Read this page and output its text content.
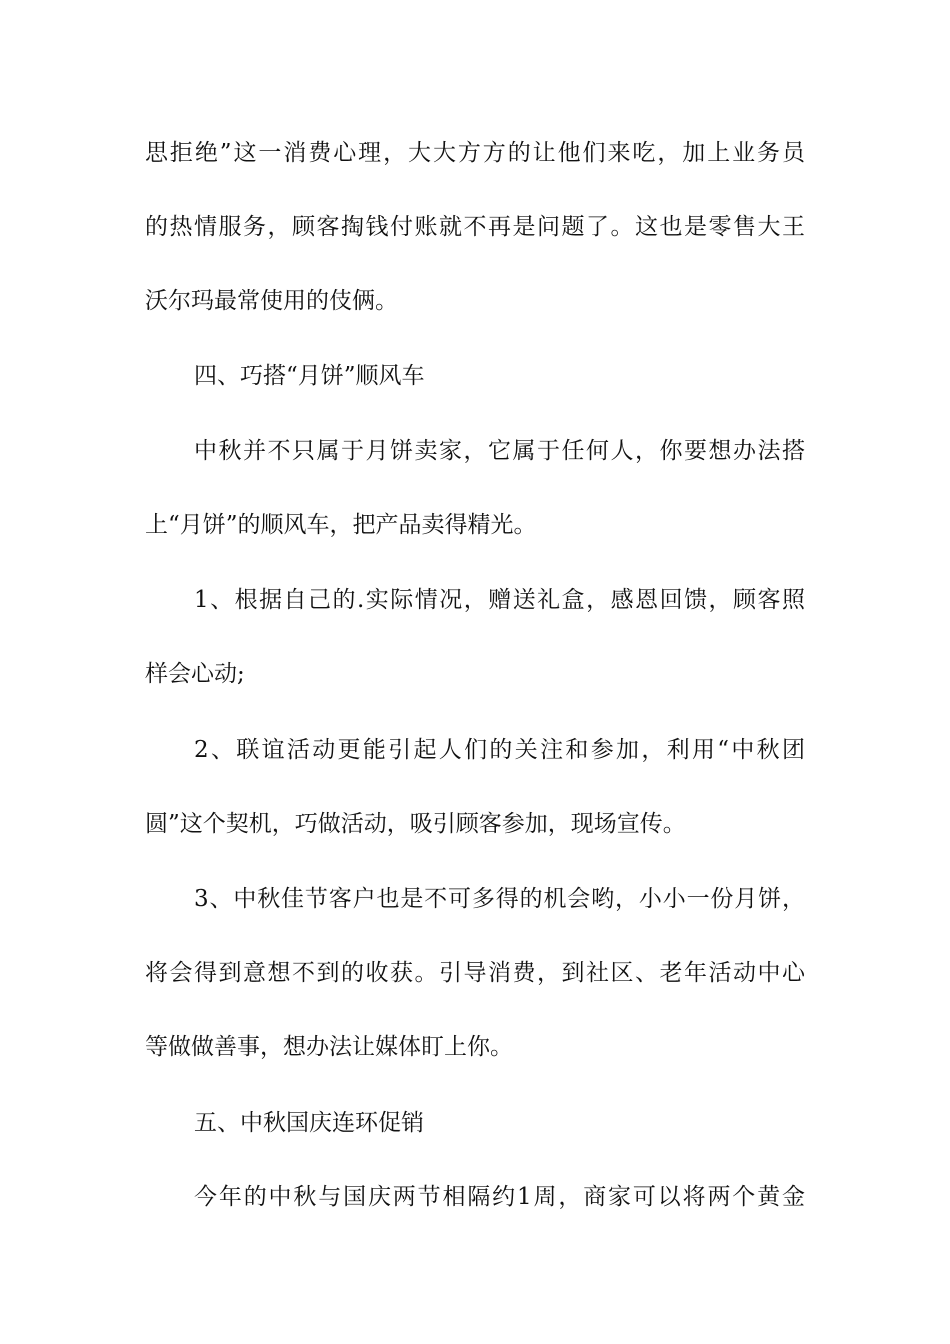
思拒绝”这一消费心理，大大方方的让他们来吃，加上业务员
的热情服务，顾客掏钱付账就不再是问题了。这也是零售大王
沃尔玛最常使用的伎俩。
四、巧搭“月饼”顺风车
中秋并不只属于月饼卖家，它属于任何人，你要想办法搭
上“月饼”的顺风车，把产品卖得精光。
1、根据自己的.实际情况，赠送礼盒，感恩回馈，顾客照
样会心动;
2、联谊活动更能引起人们的关注和参加，利用“中秋团
圆”这个契机，巧做活动，吸引顾客参加，现场宣传。
3、中秋佳节客户也是不可多得的机会哟，小小一份月饼，
将会得到意想不到的收获。引导消费，到社区、老年活动中心
等做做善事，想办法让媒体盯上你。
五、中秋国庆连环促销
今年的中秋与国庆两节相隔约1周，商家可以将两个黄金
